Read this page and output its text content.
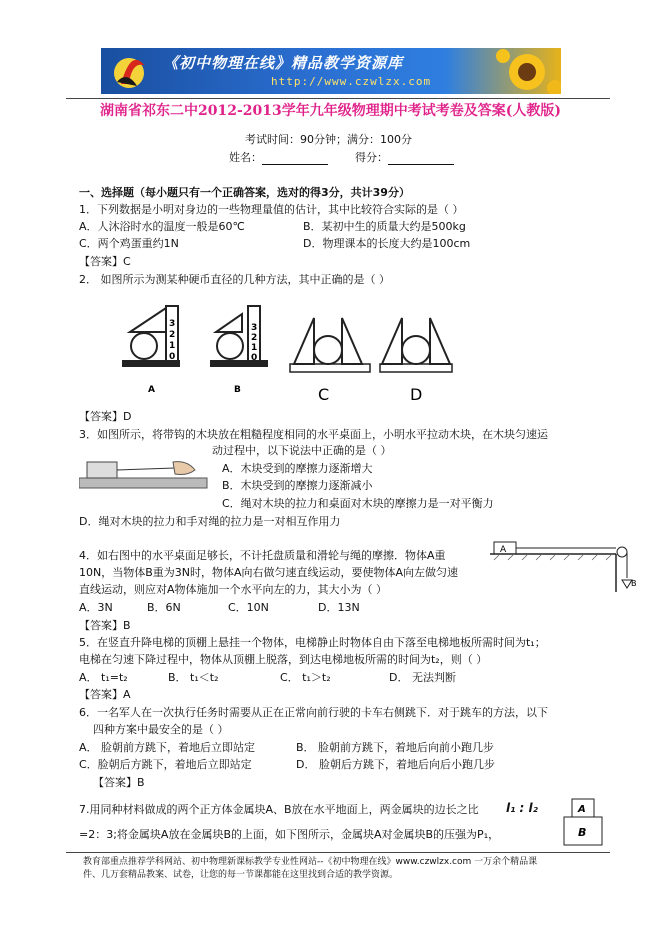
《初中物理在线》精品教学资源库
http://www.czwlzx.com
湖南省祁东二中2012-2013学年九年级物理期中考试考卷及答案(人教版)
考试时间：90分钟；满分：100分
姓名：	得分：
一、选择题（每小题只有一个正确答案，选对的得3分，共计39分）
1．下列数据是小明对身边的一些物理量值的估计，其中比较符合实际的是（ ）
A．人沐浴时水的温度一般是60℃	B．某初中生的质量大约是500kg
C．两个鸡蛋重约1N	D．物理课本的长度大约是100cm
【答案】C
2． 如图所示为测某种硬币直径的几种方法，其中正确的是（ ）
3
2
1
0
A
3
2
1
0
B	C	D
【答案】D
3．如图所示，将带钩的木块放在粗糙程度相同的水平桌面上，小明水平拉动木块，在木块匀速运
动过程中，以下说法中正确的是（ ）
A．木块受到的摩擦力逐渐增大
B．木块受到的摩擦力逐渐减小
C．绳对木块的拉力和桌面对木块的摩擦力是一对平衡力
D．绳对木块的拉力和手对绳的拉力是一对相互作用力
4．如右图中的水平桌面足够长，不计托盘质量和滑轮与绳的摩擦．物体A重
10N，当物体B重为3N时，物体A向右做匀速直线运动，要使物体A向左做匀速
直线运动，则应对A物体施加一个水平向左的力，其大小为（ ）
A
B
A．3N	B．6N	C．10N	D．13N
【答案】B
5．在竖直升降电梯的顶棚上悬挂一个物体，电梯静止时物体自由下落至电梯地板所需时间为t₁；
电梯在匀速下降过程中，物体从顶棚上脱落，到达电梯地板所需的时间为t₂，则（ ）
A． t₁=t₂	B． t₁＜t₂	C． t₁＞t₂	D． 无法判断
【答案】A
6．一名军人在一次执行任务时需要从正在正常向前行驶的卡车右侧跳下．对于跳车的方法，以下
四种方案中最安全的是（ ）
A． 脸朝前方跳下，着地后立即站定	B． 脸朝前方跳下，着地后向前小跑几步
C．脸朝后方跳下，着地后立即站定	D． 脸朝后方跳下，着地后向后小跑几步
【答案】B
7.用同种材料做成的两个正方体金属块A、B放在水平地面上，两金属块的边长之比 l₁ : l₂
=2：3;将金属块A放在金属块B的上面，如下图所示，金属块A对金属块B的压强为P₁，
A
B
教育部重点推荐学科网站、初中物理新课标教学专业性网站--《初中物理在线》www.czwlzx.com 一万余个精品课
件、几万套精品教案、试卷，让您的每一节课都能在这里找到合适的教学资源。
